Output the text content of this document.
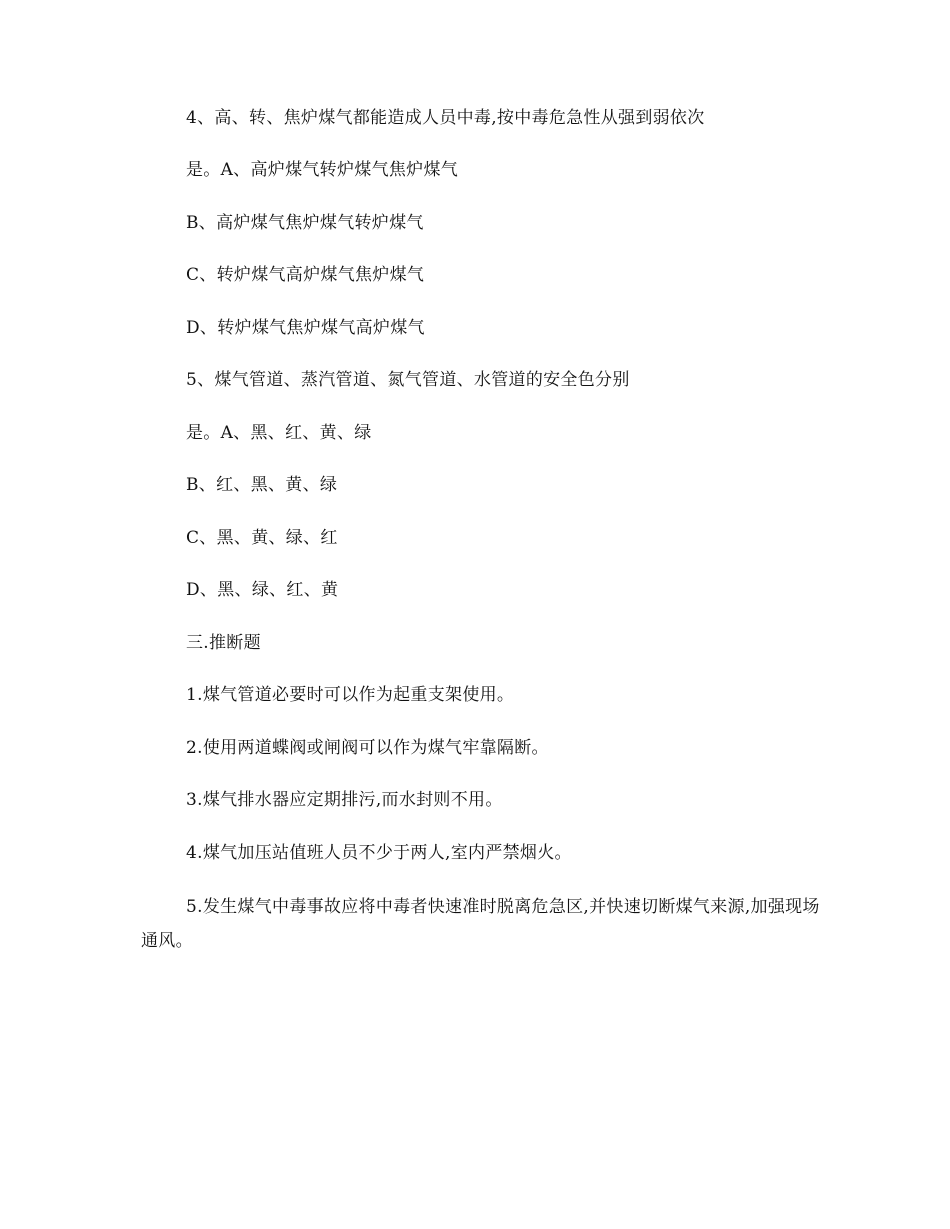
4、高、转、焦炉煤气都能造成人员中毒,按中毒危急性从强到弱依次
是。A、高炉煤气转炉煤气焦炉煤气
B、高炉煤气焦炉煤气转炉煤气
C、转炉煤气高炉煤气焦炉煤气
D、转炉煤气焦炉煤气高炉煤气
5、煤气管道、蒸汽管道、氮气管道、水管道的安全色分别
是。A、黑、红、黄、绿
B、红、黑、黄、绿
C、黑、黄、绿、红
D、黑、绿、红、黄
三.推断题
1.煤气管道必要时可以作为起重支架使用。
2.使用两道蝶阀或闸阀可以作为煤气牢靠隔断。
3.煤气排水器应定期排污,而水封则不用。
4.煤气加压站值班人员不少于两人,室内严禁烟火。
5.发生煤气中毒事故应将中毒者快速准时脱离危急区,并快速切断煤气来源,加强现场通风。
